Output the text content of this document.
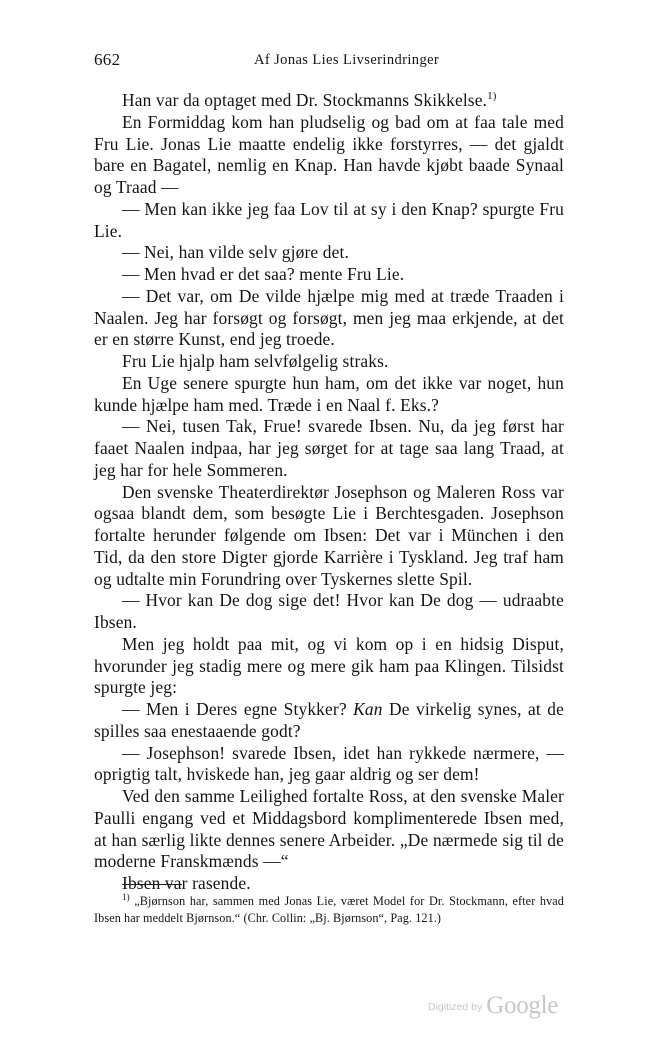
662	Af Jonas Lies Livserindringer

Han var da optaget med Dr. Stockmanns Skikkelse.$^{1)}$

En Formiddag kom han pludselig og bad om at faa tale med Fru Lie. Jonas Lie maatte endelig ikke forstyrres, — det gjaldt bare en Bagatel, nemlig en Knap. Han havde kjøbt baade Synaal og Traad —

— Men kan ikke jeg faa Lov til at sy i den Knap? spurgte Fru Lie.

— Nei, han vilde selv gjøre det.

— Men hvad er det saa? mente Fru Lie.

— Det var, om De vilde hjælpe mig med at træde Traaden i Naalen. Jeg har forsøgt og forsøgt, men jeg maa erkjende, at det er en større Kunst, end jeg troede.

Fru Lie hjalp ham selvfølgelig straks.

En Uge senere spurgte hun ham, om det ikke var noget, hun kunde hjælpe ham med. Træde i en Naal f. Eks.?

— Nei, tusen Tak, Frue! svarede Ibsen. Nu, da jeg først har faaet Naalen indpaa, har jeg sørget for at tage saa lang Traad, at jeg har for hele Sommeren.

Den svenske Theaterdirektør Josephson og Maleren Ross var ogsaa blandt dem, som besøgte Lie i Berchtesgaden. Josephson fortalte herunder følgende om Ibsen: Det var i München i den Tid, da den store Digter gjorde Karrière i Tyskland. Jeg traf ham og udtalte min Forundring over Tyskernes slette Spil.

— Hvor kan De dog sige det! Hvor kan De dog — udraabte Ibsen.

Men jeg holdt paa mit, og vi kom op i en hidsig Disput, hvorunder jeg stadig mere og mere gik ham paa Klingen. Tilsidst spurgte jeg:

— Men i Deres egne Stykker? Kan De virkelig synes, at de spilles saa enestaaende godt?

— Josephson! svarede Ibsen, idet han rykkede nærmere, — oprigtig talt, hviskede han, jeg gaar aldrig og ser dem!

Ved den samme Leilighed fortalte Ross, at den svenske Maler Paulli engang ved et Middagsbord komplimenterede Ibsen med, at han særlig likte dennes senere Arbeider. „De nærmede sig til de moderne Franskmænds —“

Ibsen var rasende.

$^{1)}$ „Bjørnson har, sammen med Jonas Lie, været Model for Dr. Stockmann, efter hvad Ibsen har meddelt Bjørnson.“ (Chr. Collin: „Bj. Bjørnson“, Pag. 121.)

Digitized by Google
